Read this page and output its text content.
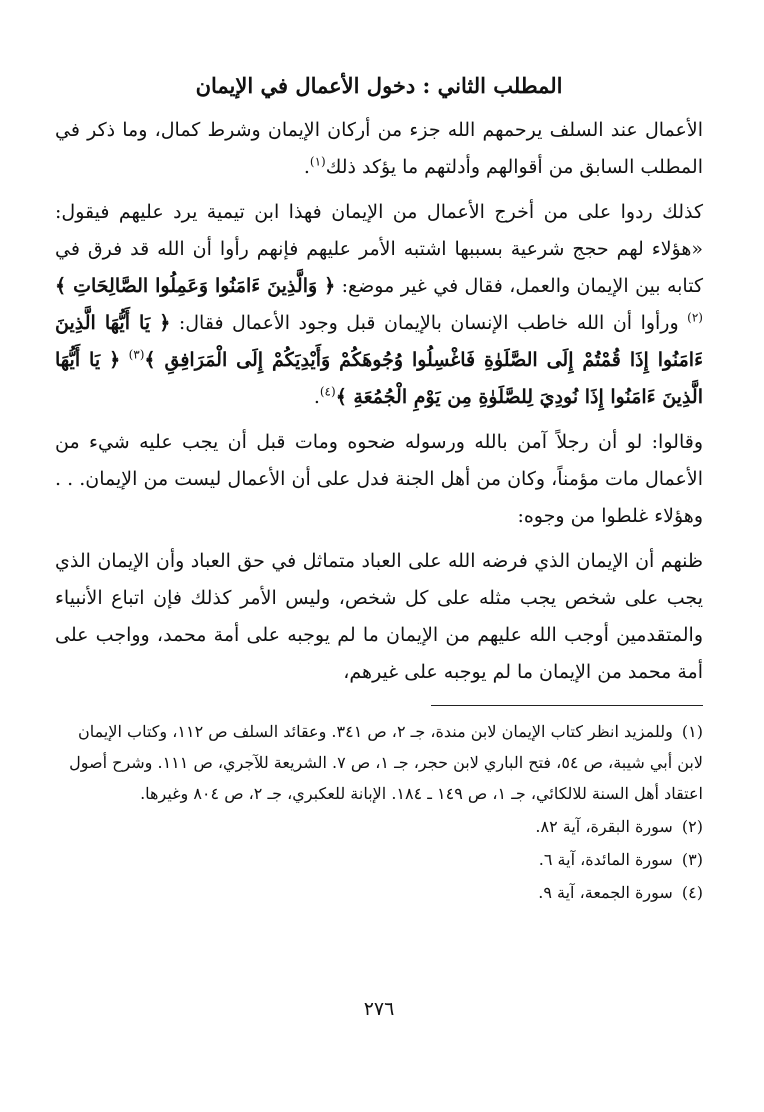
المطلب الثاني : دخول الأعمال في الإيمان

الأعمال عند السلف يرحمهم الله جزء من أركان الإيمان وشرط كمال، وما ذكر في المطلب السابق من أقوالهم وأدلتهم ما يؤكد ذلك$^{(١)}$.

كذلك ردوا على من أخرج الأعمال من الإيمان فهذا ابن تيمية يرد عليهم فيقول: «هؤلاء لهم حجج شرعية بسببها اشتبه الأمر عليهم فإنهم رأوا أن الله قد فرق في كتابه بين الإيمان والعمل، فقال في غير موضع: ﴿ وَالَّذِينَ ءَامَنُوا وَعَمِلُوا الصَّالِحَاتِ ﴾$^{(٢)}$ ورأوا أن الله خاطب الإنسان بالإيمان قبل وجود الأعمال فقال: ﴿ يَا أَيُّهَا الَّذِينَ ءَامَنُوا إِذَا قُمْتُمْ إِلَى الصَّلَوٰةِ فَاغْسِلُوا وُجُوهَكُمْ وَأَيْدِيَكُمْ إِلَى الْمَرَافِقِ ﴾$^{(٣)}$ ﴿ يَا أَيُّهَا الَّذِينَ ءَامَنُوا إِذَا نُودِيَ لِلصَّلَوٰةِ مِن يَوْمِ الْجُمُعَةِ ﴾$^{(٤)}$.

وقالوا: لو أن رجلاً آمن بالله ورسوله ضحوه ومات قبل أن يجب عليه شيء من الأعمال مات مؤمناً، وكان من أهل الجنة فدل على أن الأعمال ليست من الإيمان. . . وهؤلاء غلطوا من وجوه:

ظنهم أن الإيمان الذي فرضه الله على العباد متماثل في حق العباد وأن الإيمان الذي يجب على شخص يجب مثله على كل شخص، وليس الأمر كذلك فإن اتباع الأنبياء والمتقدمين أوجب الله عليهم من الإيمان ما لم يوجبه على أمة محمد، وواجب على أمة محمد من الإيمان ما لم يوجبه على غيرهم،

(١) وللمزيد انظر كتاب الإيمان لابن مندة، جـ ٢، ص ٣٤١. وعقائد السلف ص ١١٢، وكتاب الإيمان لابن أبي شيبة، ص ٥٤، فتح الباري لابن حجر، جـ ١، ص ٧. الشريعة للآجري، ص ١١١. وشرح أصول اعتقاد أهل السنة للالكائي، جـ ١، ص ١٤٩ ـ ١٨٤. الإبانة للعكبري، جـ ٢، ص ٨٠٤ وغيرها.

(٢) سورة البقرة، آية ٨٢.

(٣) سورة المائدة، آية ٦.

(٤) سورة الجمعة، آية ٩.

٢٧٦
